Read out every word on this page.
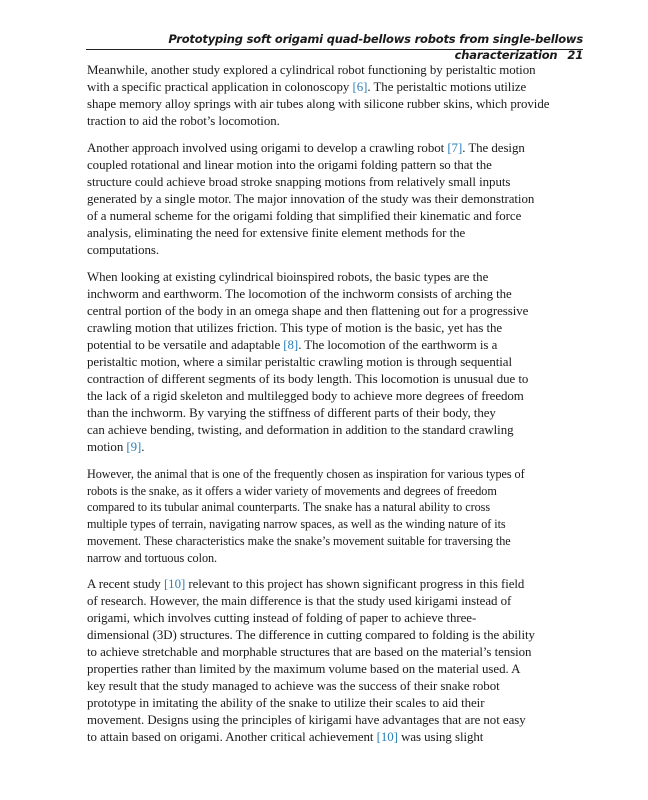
Prototyping soft origami quad-bellows robots from single-bellows characterization 21

Meanwhile, another study explored a cylindrical robot functioning by peristaltic motion
with a specific practical application in colonoscopy [6]. The peristaltic motions utilize
shape memory alloy springs with air tubes along with silicone rubber skins, which provide
traction to aid the robot’s locomotion.

Another approach involved using origami to develop a crawling robot [7]. The design
coupled rotational and linear motion into the origami folding pattern so that the
structure could achieve broad stroke snapping motions from relatively small inputs
generated by a single motor. The major innovation of the study was their demonstration
of a numeral scheme for the origami folding that simplified their kinematic and force
analysis, eliminating the need for extensive finite element methods for the
computations.

When looking at existing cylindrical bioinspired robots, the basic types are the
inchworm and earthworm. The locomotion of the inchworm consists of arching the
central portion of the body in an omega shape and then flattening out for a progressive
crawling motion that utilizes friction. This type of motion is the basic, yet has the
potential to be versatile and adaptable [8]. The locomotion of the earthworm is a
peristaltic motion, where a similar peristaltic crawling motion is through sequential
contraction of different segments of its body length. This locomotion is unusual due to
the lack of a rigid skeleton and multilegged body to achieve more degrees of freedom
than the inchworm. By varying the stiffness of different parts of their body, they
can achieve bending, twisting, and deformation in addition to the standard crawling
motion [9].

However, the animal that is one of the frequently chosen as inspiration for various types of
robots is the snake, as it offers a wider variety of movements and degrees of freedom
compared to its tubular animal counterparts. The snake has a natural ability to cross
multiple types of terrain, navigating narrow spaces, as well as the winding nature of its
movement. These characteristics make the snake’s movement suitable for traversing the
narrow and tortuous colon.

A recent study [10] relevant to this project has shown significant progress in this field
of research. However, the main difference is that the study used kirigami instead of
origami, which involves cutting instead of folding of paper to achieve three-
dimensional (3D) structures. The difference in cutting compared to folding is the ability
to achieve stretchable and morphable structures that are based on the material’s tension
properties rather than limited by the maximum volume based on the material used. A
key result that the study managed to achieve was the success of their snake robot
prototype in imitating the ability of the snake to utilize their scales to aid their
movement. Designs using the principles of kirigami have advantages that are not easy
to attain based on origami. Another critical achievement [10] was using slight
